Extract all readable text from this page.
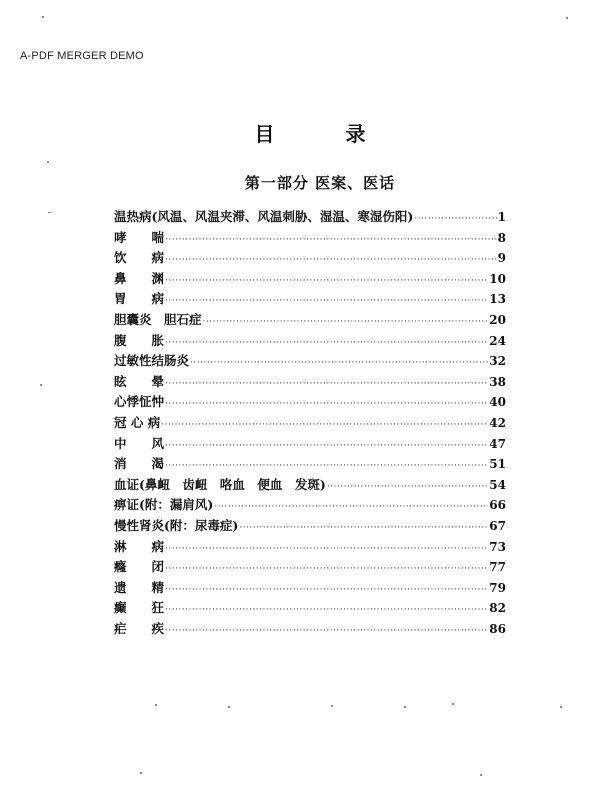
A-PDF MERGER DEMO
目 录
第一部分 医案、医话
温热病(风温、风温夹滞、风温刺胁、湿温、寒湿伤阳) ·····	1
哮　　喘 ·····	8
饮　　病 ·····	9
鼻　　渊 ·····	10
胃　　病 ·····	13
胆囊炎　胆石症 ·····	20
腹　　胀 ·····	24
过敏性结肠炎 ·····	32
眩　　晕 ·····	38
心悸怔忡 ·····	40
冠 心 病 ·····	42
中　　风 ·····	47
消　　渴 ·····	51
血证(鼻衄　齿衄　咯血　便血　发斑) ·····	54
痹证(附：漏肩风) ·····	66
慢性肾炎(附：尿毒症) ·····	67
淋　　病 ·····	73
癃　　闭 ·····	77
遗　　精 ·····	79
癫　　狂 ·····	82
疟　　疾 ·····	86
